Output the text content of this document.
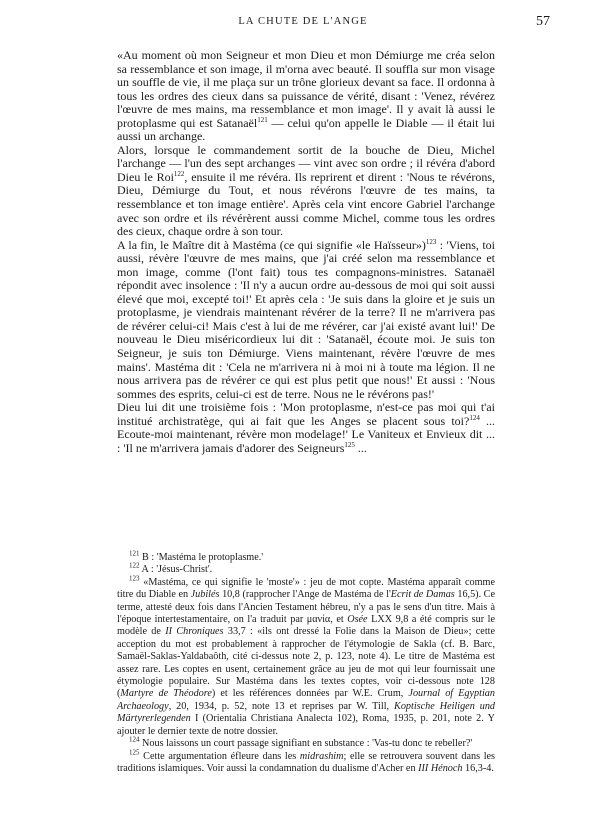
LA CHUTE DE L'ANGE	57

«Au moment où mon Seigneur et mon Dieu et mon Démiurge me créa selon sa ressemblance et son image, il m'orna avec beauté. Il souffla sur mon visage un souffle de vie, il me plaça sur un trône glorieux devant sa face. Il ordonna à tous les ordres des cieux dans sa puissance de vérité, disant : 'Venez, révérez l'œuvre de mes mains, ma ressemblance et mon image'. Il y avait là aussi le protoplasme qui est Satanaël$^{121}$ — celui qu'on appelle le Diable — il était lui aussi un archange.

Alors, lorsque le commandement sortit de la bouche de Dieu, Michel l'archange — l'un des sept archanges — vint avec son ordre ; il révéra d'abord Dieu le Roi$^{122}$, ensuite il me révéra. Ils reprirent et dirent : 'Nous te révérons, Dieu, Démiurge du Tout, et nous révérons l'œuvre de tes mains, ta ressemblance et ton image entière'. Après cela vint encore Gabriel l'archange avec son ordre et ils révérèrent aussi comme Michel, comme tous les ordres des cieux, chaque ordre à son tour.

A la fin, le Maître dit à Mastéma (ce qui signifie «le Haïsseur»)$^{123}$ : 'Viens, toi aussi, révère l'œuvre de mes mains, que j'ai créé selon ma ressemblance et mon image, comme (l'ont fait) tous tes compagnons-ministres. Satanaël répondit avec insolence : 'Il n'y a aucun ordre au-dessous de moi qui soit aussi élevé que moi, excepté toi!' Et après cela : 'Je suis dans la gloire et je suis un protoplasme, je viendrais maintenant révérer de la terre? Il ne m'arrivera pas de révérer celui-ci! Mais c'est à lui de me révérer, car j'ai existé avant lui!' De nouveau le Dieu miséricordieux lui dit : 'Satanaël, écoute moi. Je suis ton Seigneur, je suis ton Démiurge. Viens maintenant, révère l'œuvre de mes mains'. Mastéma dit : 'Cela ne m'arrivera ni à moi ni à toute ma légion. Il ne nous arrivera pas de révérer ce qui est plus petit que nous!' Et aussi : 'Nous sommes des esprits, celui-ci est de terre. Nous ne le révérons pas!'

Dieu lui dit une troisième fois : 'Mon protoplasme, n'est-ce pas moi qui t'ai institué archistratège, qui ai fait que les Anges se placent sous toi?$^{124}$ ... Ecoute-moi maintenant, révère mon modelage!' Le Vaniteux et Envieux dit ... : 'Il ne m'arrivera jamais d'adorer des Seigneurs$^{125}$ ...

$^{121}$ B : 'Mastéma le protoplasme.'

$^{122}$ A : 'Jésus-Christ'.

$^{123}$ «Mastéma, ce qui signifie le 'moste'» : jeu de mot copte. Mastéma apparaît comme titre du Diable en Jubilés 10,8 (rapprocher l'Ange de Mastéma de l'Ecrit de Damas 16,5). Ce terme, attesté deux fois dans l'Ancien Testament hébreu, n'y a pas le sens d'un titre. Mais à l'époque intertestamentaire, on l'a traduit par μανία, et Osée LXX 9,8 a été compris sur le modèle de II Chroniques 33,7 : «ils ont dressé la Folie dans la Maison de Dieu»; cette acception du mot est probablement à rapprocher de l'étymologie de Sakla (cf. B. Barc, Samaël-Saklas-Yaldabaôth, cité ci-dessus note 2, p. 123, note 4). Le titre de Mastéma est assez rare. Les coptes en usent, certainement grâce au jeu de mot qui leur fournissait une étymologie populaire. Sur Mastéma dans les textes coptes, voir ci-dessous note 128 (Martyre de Théodore) et les références données par W.E. Crum, Journal of Egyptian Archaeology, 20, 1934, p. 52, note 13 et reprises par W. Till, Koptische Heiligen und Märtyrerlegenden I (Orientalia Christiana Analecta 102), Roma, 1935, p. 201, note 2. Y ajouter le dernier texte de notre dossier.

$^{124}$ Nous laissons un court passage signifiant en substance : 'Vas-tu donc te rebeller?'

$^{125}$ Cette argumentation éfleure dans les midrashim; elle se retrouvera souvent dans les traditions islamiques. Voir aussi la condamnation du dualisme d'Acher en III Hénoch 16,3-4.
